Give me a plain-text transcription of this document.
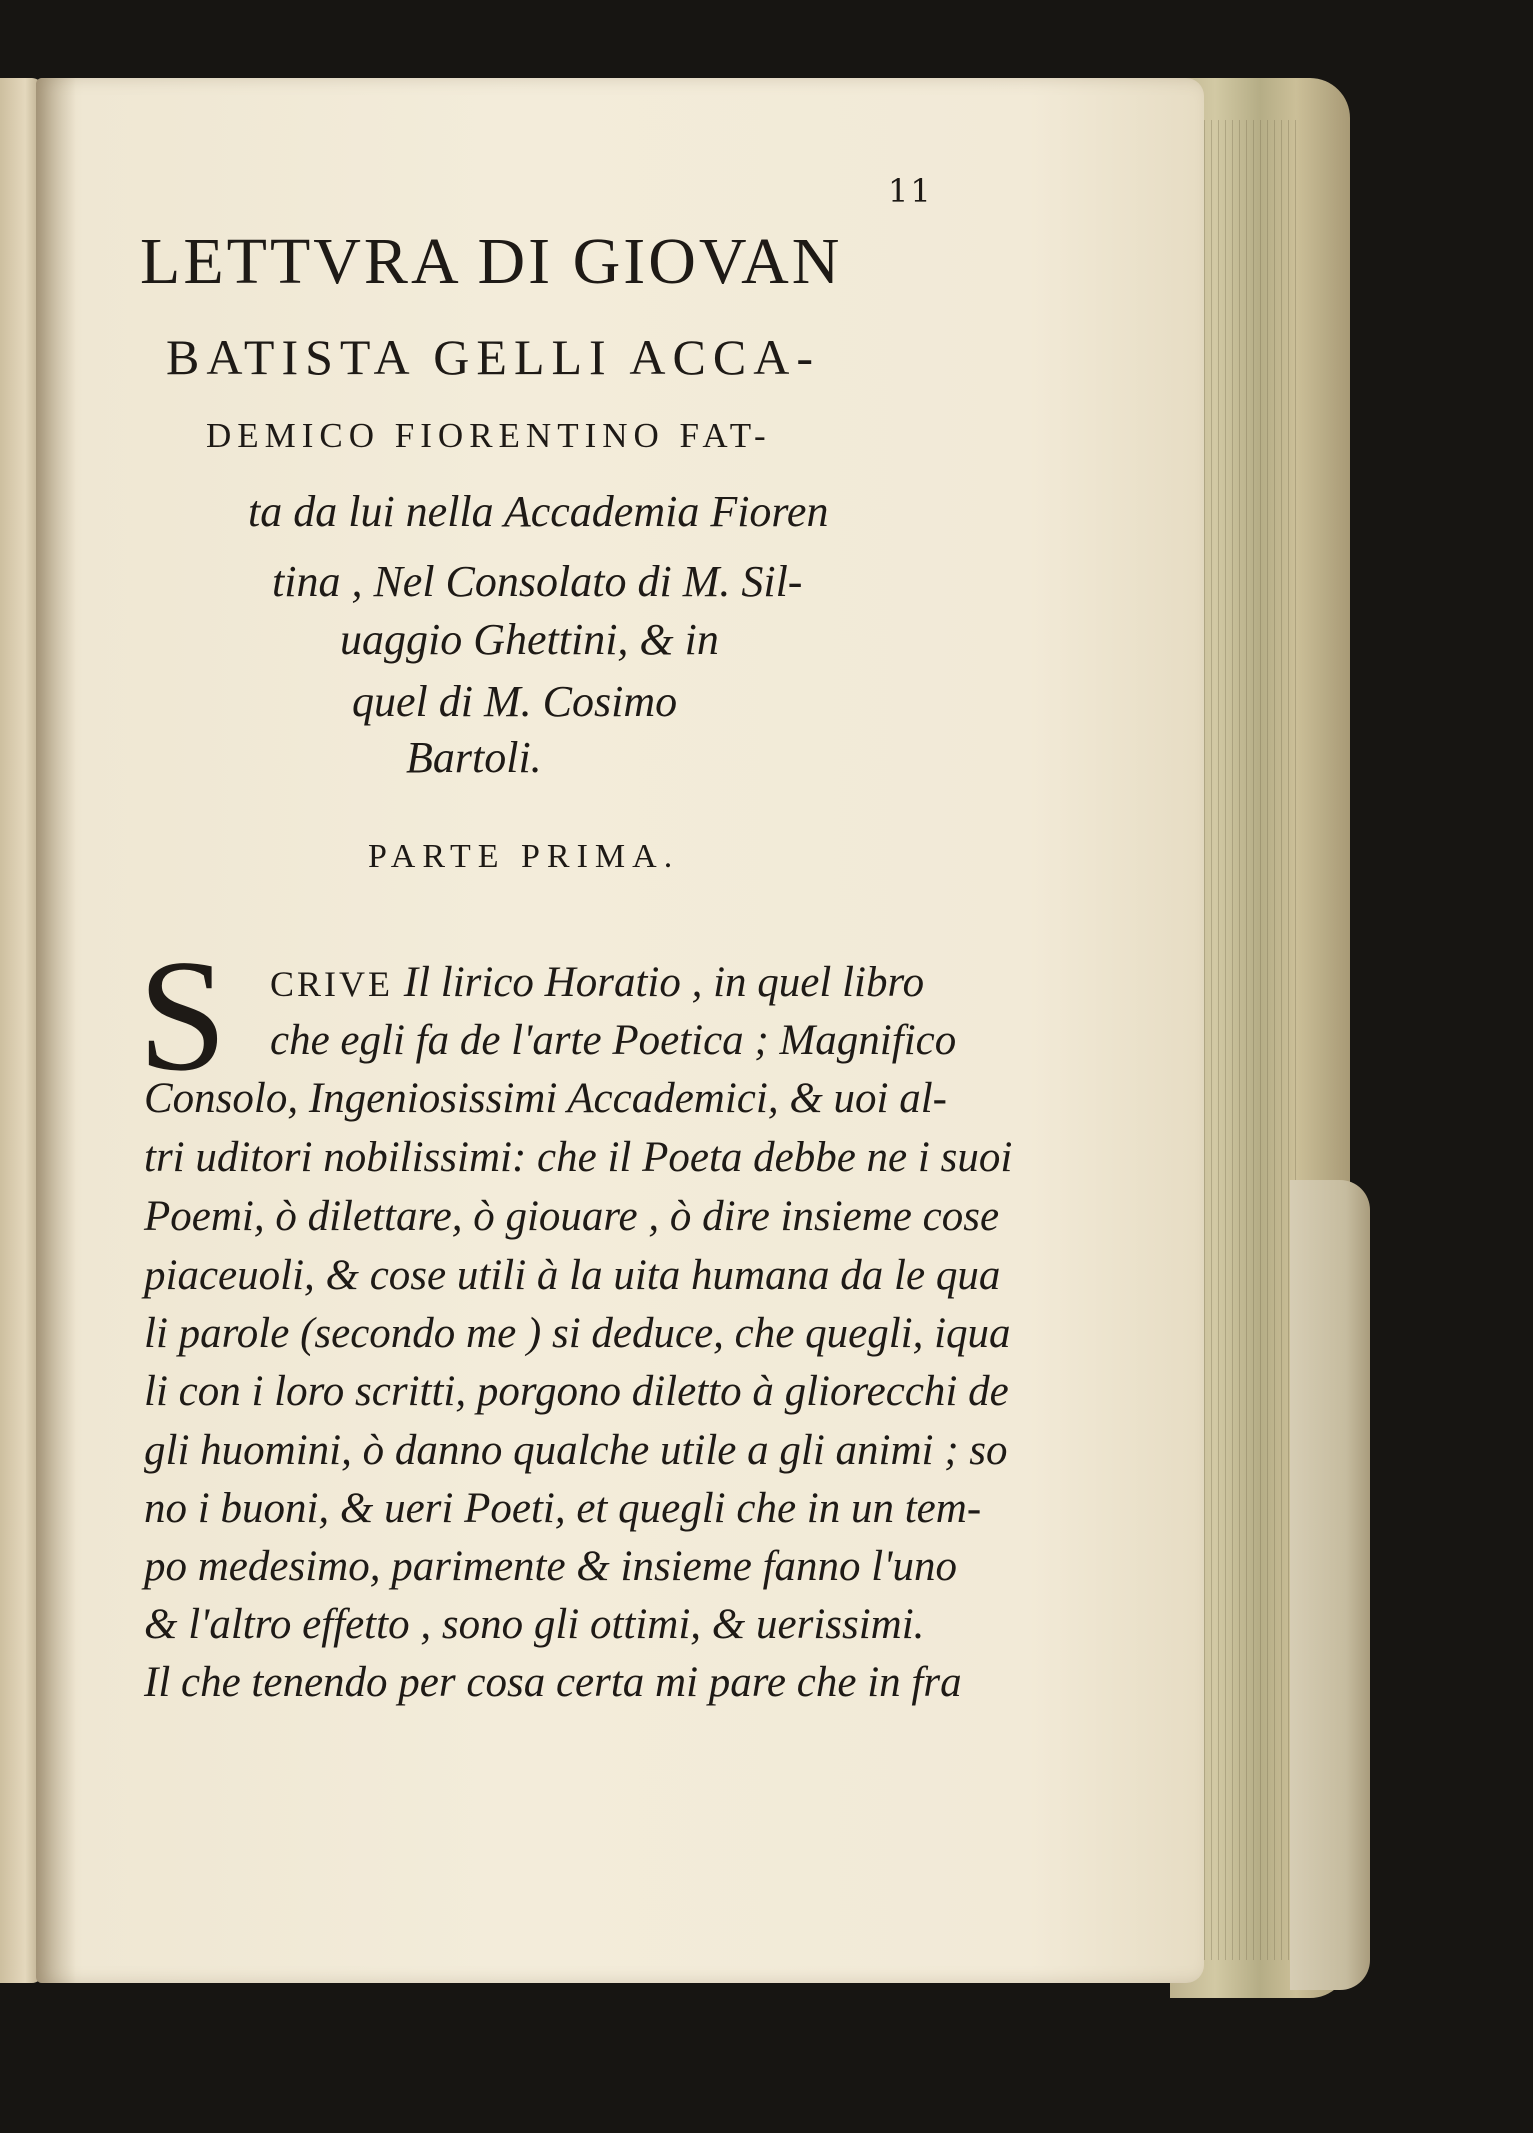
11
LETTVRA DI GIOVAN
BATISTA GELLI ACCA-
DEMICO FIORENTINO FAT-
ta da lui nella Accademia Fioren
tina , Nel Consolato di M. Sil-
uaggio Ghettini, & in
quel di M. Cosimo
Bartoli.
PARTE PRIMA.
S CRIVE Il lirico Horatio , in quel libro
che egli fa de l'arte Poetica ; Magnifico
Consolo, Ingeniosissimi Accademici, & uoi al-
tri uditori nobilissimi: che il Poeta debbe ne i suoi
Poemi, ò dilettare, ò giouare , ò dire insieme cose
piaceuoli, & cose utili à la uita humana da le qua
li parole (secondo me ) si deduce, che quegli, iqua
li con i loro scritti, porgono diletto à gliorecchi de
gli huomini, ò danno qualche utile a gli animi ; so
no i buoni, & ueri Poeti, et quegli che in un tem-
po medesimo, parimente & insieme fanno l'uno
& l'altro effetto , sono gli ottimi, & uerissimi.
Il che tenendo per cosa certa mi pare che in fra
